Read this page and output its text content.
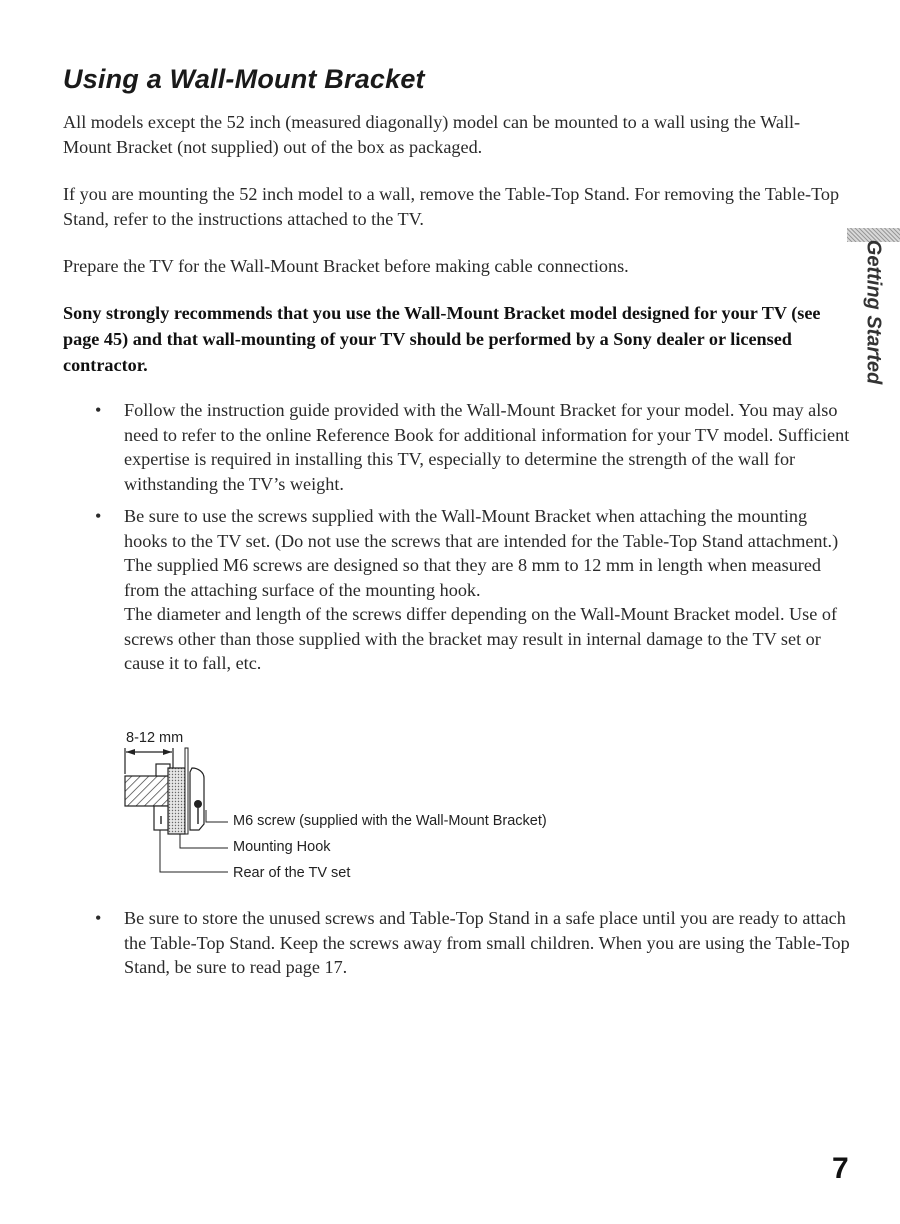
Using a Wall-Mount Bracket

All models except the 52 inch (measured diagonally) model can be mounted to a wall using the Wall-Mount Bracket (not supplied) out of the box as packaged.

If you are mounting the 52 inch model to a wall, remove the Table-Top Stand. For removing the Table-Top Stand, refer to the instructions attached to the TV.

Prepare the TV for the Wall-Mount Bracket before making cable connections.

Sony strongly recommends that you use the Wall-Mount Bracket model designed for your TV (see page 45) and that wall-mounting of your TV should be performed by a Sony dealer or licensed contractor.	Getting Started
• Follow the instruction guide provided with the Wall-Mount Bracket for your model. You may also need to refer to the online Reference Book for additional information for your TV model. Sufficient expertise is required in installing this TV, especially to determine the strength of the wall for withstanding the TV’s weight.

• Be sure to use the screws supplied with the Wall-Mount Bracket when attaching the mounting hooks to the TV set. (Do not use the screws that are intended for the Table-Top Stand attachment.)

The supplied M6 screws are designed so that they are 8 mm to 12 mm in length when measured from the attaching surface of the mounting hook.

The diameter and length of the screws differ depending on the Wall-Mount Bracket model. Use of screws other than those supplied with the bracket may result in internal damage to the TV set or cause it to fall, etc.

8-12 mm
M6 screw (supplied with the Wall-Mount Bracket)
Mounting Hook
Rear of the TV set
• Be sure to store the unused screws and Table-Top Stand in a safe place until you are ready to attach the Table-Top Stand. Keep the screws away from small children. When you are using the Table-Top Stand, be sure to read page 17.

7
